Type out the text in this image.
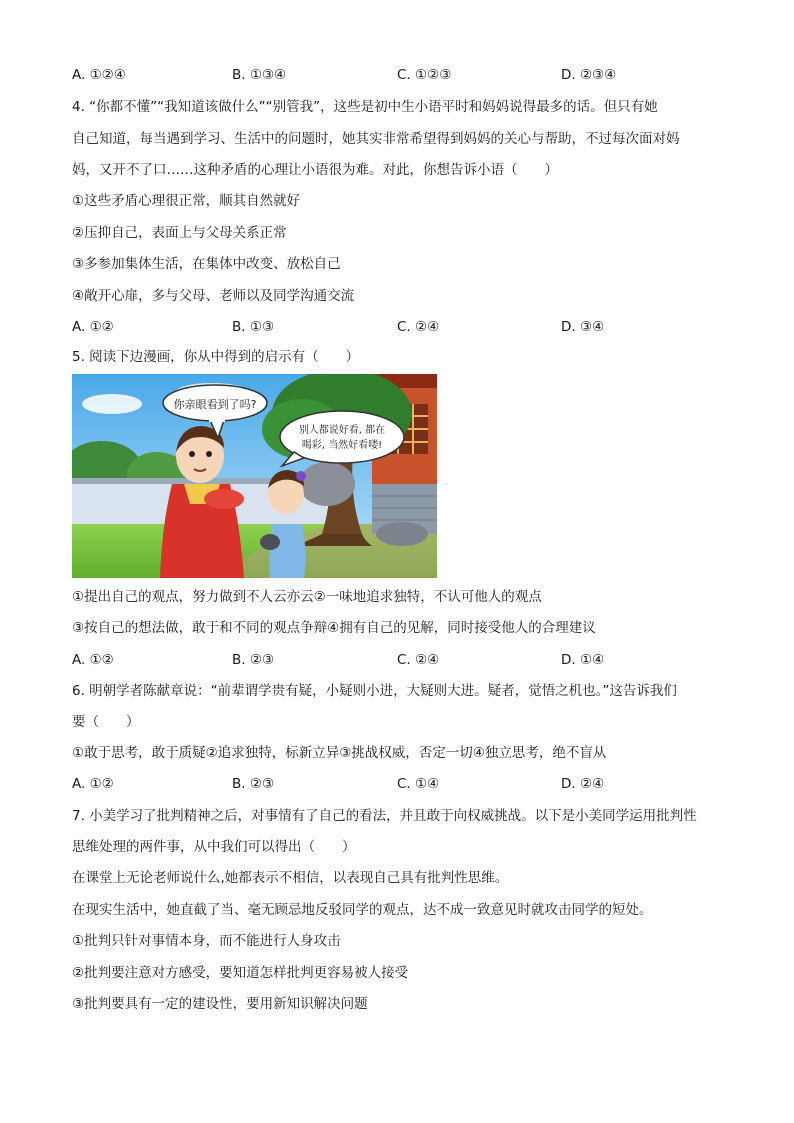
A. ①②④	B. ①③④	C. ①②③	D. ②③④
4. “你都不懂”“我知道该做什么”“别管我”，这些是初中生小语平时和妈妈说得最多的话。但只有她
自己知道，每当遇到学习、生活中的问题时，她其实非常希望得到妈妈的关心与帮助，不过每次面对妈
妈，又开不了口……这种矛盾的心理让小语很为难。对此，你想告诉小语（　　）
①这些矛盾心理很正常，顺其自然就好
②压抑自己，表面上与父母关系正常
③多参加集体生活，在集体中改变、放松自己
④敞开心扉，多与父母、老师以及同学沟通交流
A. ①②	B. ①③	C. ②④	D. ③④
5. 阅读下边漫画，你从中得到的启示有（　　）
你亲眼看到了吗?
别人都说好看, 都在
喝彩, 当然好看喽!
①提出自己的观点，努力做到不人云亦云②一味地追求独特，不认可他人的观点
③按自己的想法做，敢于和不同的观点争辩④拥有自己的见解，同时接受他人的合理建议
A. ①②	B. ②③	C. ②④	D. ①④
6. 明朝学者陈献章说：“前辈谓学贵有疑，小疑则小进，大疑则大进。疑者，觉悟之机也。”这告诉我们
要（　　）
①敢于思考，敢于质疑②追求独特，标新立异③挑战权威，否定一切④独立思考，绝不盲从
A. ①②	B. ②③	C. ①④	D. ②④
7. 小美学习了批判精神之后，对事情有了自己的看法，并且敢于向权威挑战。以下是小美同学运用批判性
思维处理的两件事，从中我们可以得出（　　）
在课堂上无论老师说什么,她都表示不相信，以表现自己具有批判性思维。
在现实生活中，她直截了当、毫无顾忌地反驳同学的观点，达不成一致意见时就攻击同学的短处。
①批判只针对事情本身，而不能进行人身攻击
②批判要注意对方感受，要知道怎样批判更容易被人接受
③批判要具有一定的建设性，要用新知识解决问题
